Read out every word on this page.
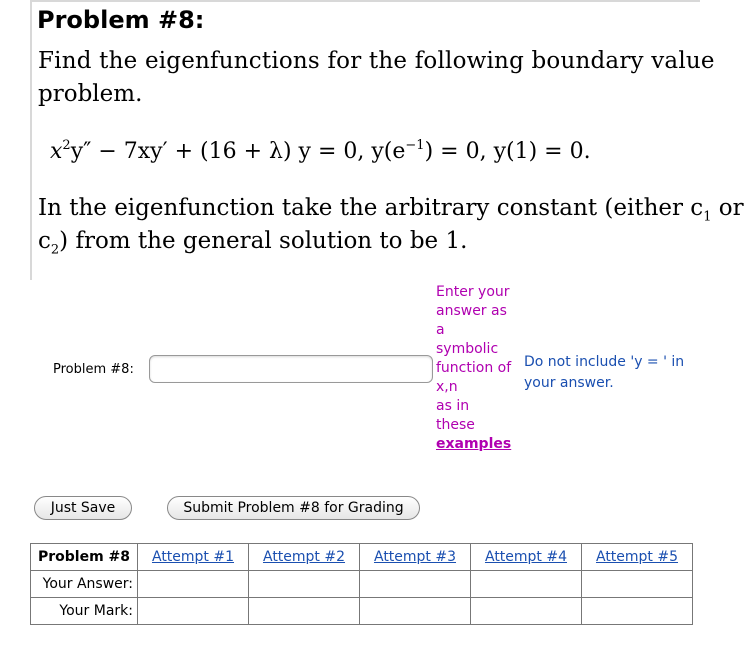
Problem #8:
Find the eigenfunctions for the following boundary value
problem.
$x^2y'' - 7xy' + (16 + \lambda) y = 0$, $y(e^{-1}) = 0$, y(1) = 0.
In the eigenfunction take the arbitrary constant (either $c_1$ or
$c_2$) from the general solution to be 1.
Problem #8:
Enter your
answer as
a
symbolic
function of
x,n
as in
these
examples
Do not include 'y = ' in
your answer.
Just Save	Submit Problem #8 for Grading
Problem #8	Attempt #1	Attempt #2	Attempt #3	Attempt #4	Attempt #5
Your Answer:					
Your Mark:					
